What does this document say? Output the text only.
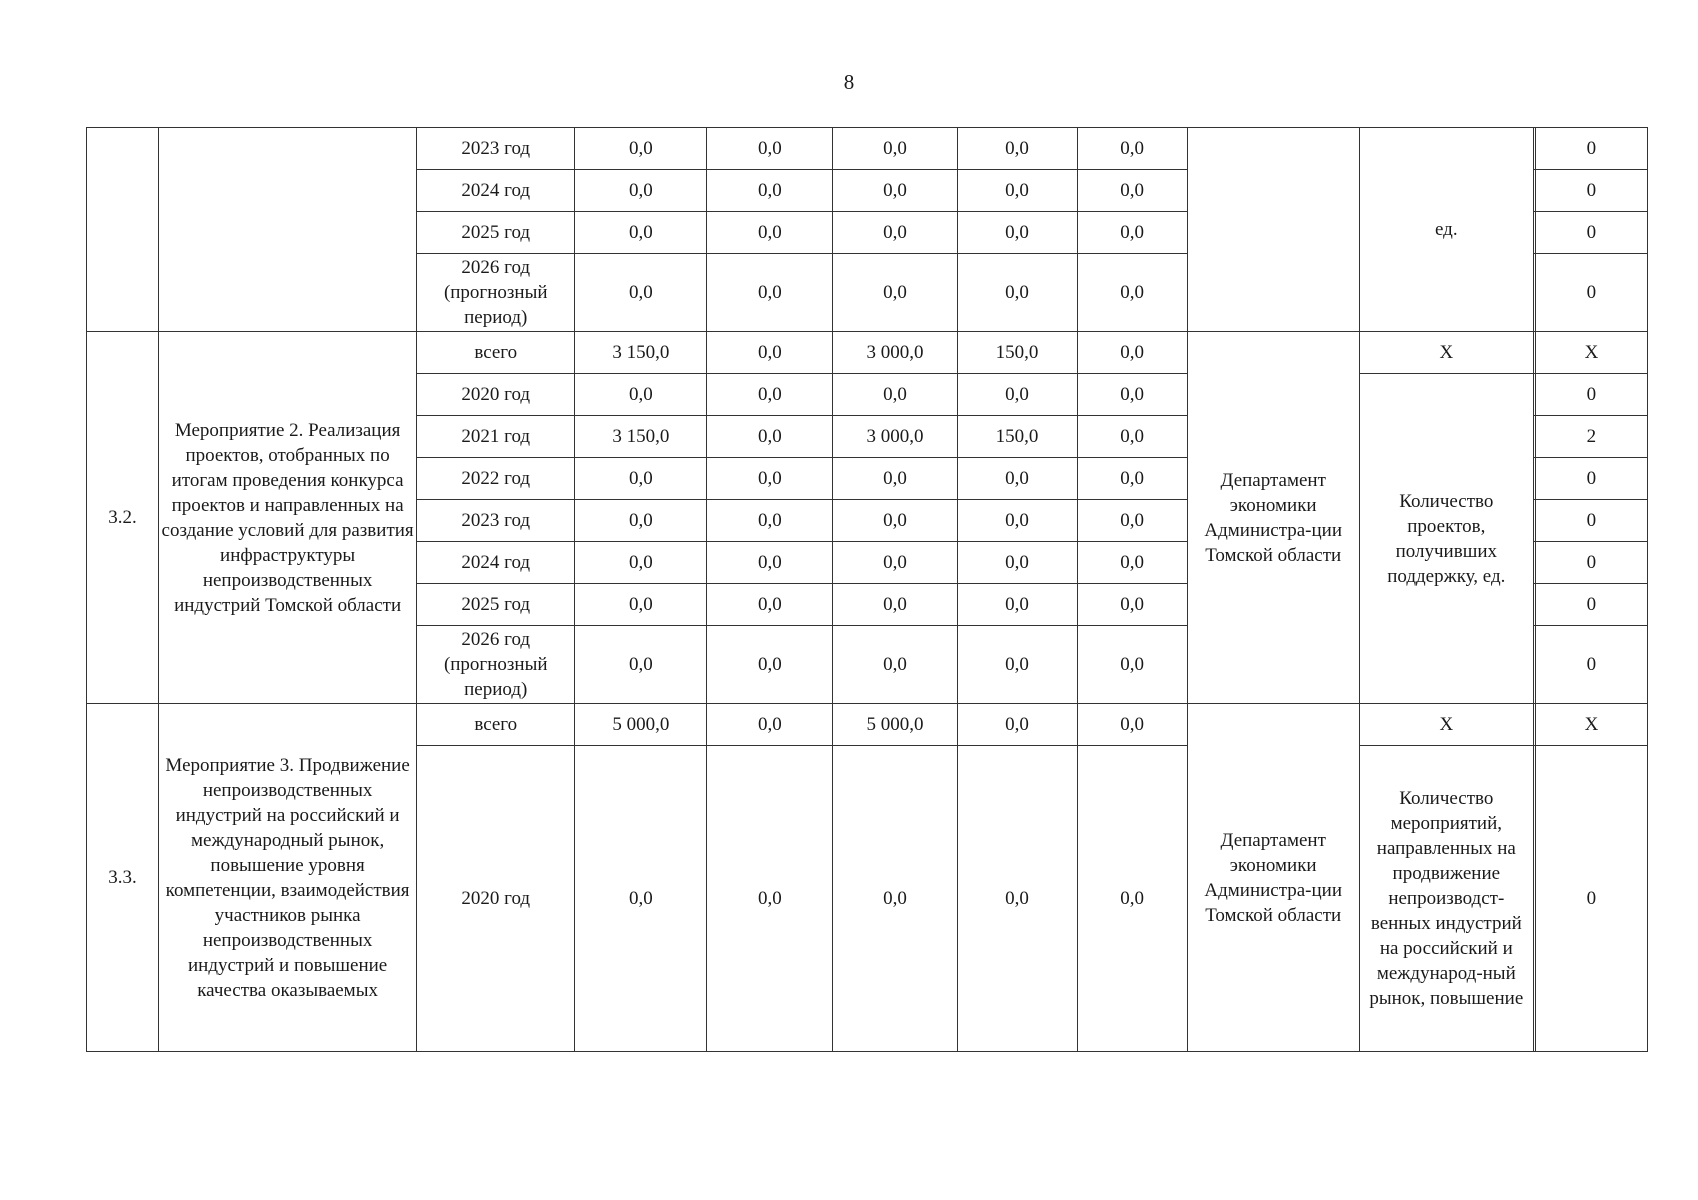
8
		2023 год	0,0	0,0	0,0	0,0	0,0		ед.		0
		2024 год	0,0	0,0	0,0	0,0	0,0				0
		2025 год	0,0	0,0	0,0	0,0	0,0				0
		2026 год (прогнозный период)	0,0	0,0	0,0	0,0	0,0				0
3.2.	Мероприятие 2. Реализация проектов, отобранных по итогам проведения конкурса проектов и направленных на создание условий для развития инфраструктуры непроизводственных индустрий Томской области	всего	3 150,0	0,0	3 000,0	150,0	0,0	Департамент экономики Администра-ции Томской области	X		X
		2020 год	0,0	0,0	0,0	0,0	0,0		Количество проектов, получивших поддержку, ед.		0
		2021 год	3 150,0	0,0	3 000,0	150,0	0,0				2
		2022 год	0,0	0,0	0,0	0,0	0,0				0
		2023 год	0,0	0,0	0,0	0,0	0,0				0
		2024 год	0,0	0,0	0,0	0,0	0,0				0
		2025 год	0,0	0,0	0,0	0,0	0,0				0
		2026 год (прогнозный период)	0,0	0,0	0,0	0,0	0,0				0
3.3.	Мероприятие 3. Продвижение непроизводственных индустрий на российский и международный рынок, повышение уровня компетенции, взаимодействия участников рынка непроизводственных индустрий и повышение качества оказываемых	всего	5 000,0	0,0	5 000,0	0,0	0,0	Департамент экономики Администра-ции Томской области	X		X
		2020 год	0,0	0,0	0,0	0,0	0,0		Количество мероприятий, направленных на продвижение непроизводст-венных индустрий на российский и международ-ный рынок, повышение		0
